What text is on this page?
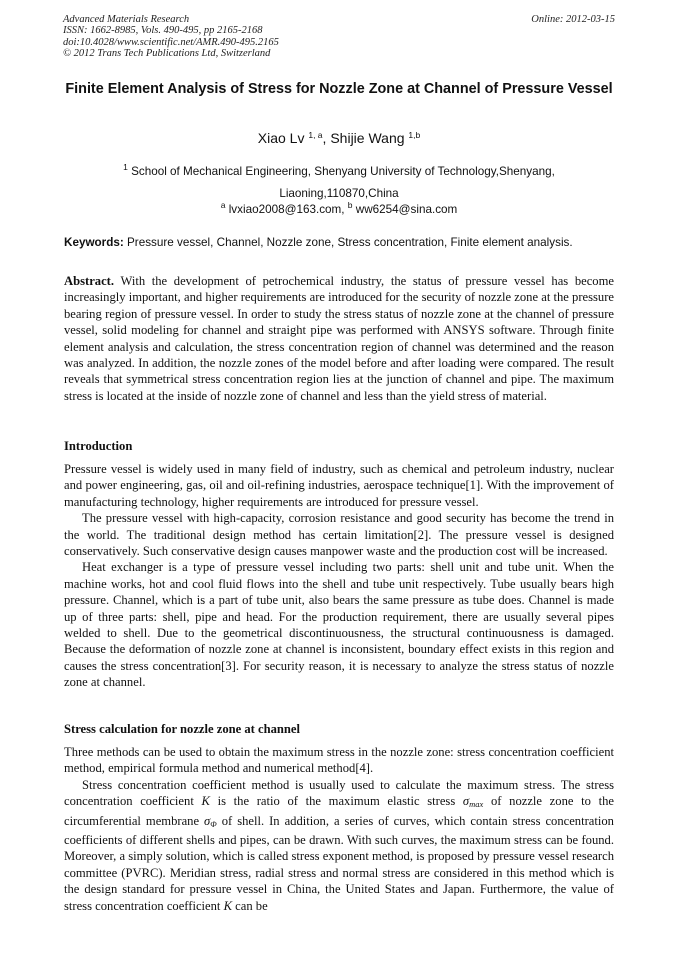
Advanced Materials Research
ISSN: 1662-8985, Vols. 490-495, pp 2165-2168
doi:10.4028/www.scientific.net/AMR.490-495.2165
© 2012 Trans Tech Publications Ltd, Switzerland
Online: 2012-03-15
Finite Element Analysis of Stress for Nozzle Zone at Channel of Pressure Vessel
Xiao Lv $^{1, a}$, Shijie Wang $^{1,b}$
$^1$ School of Mechanical Engineering, Shenyang University of Technology,Shenyang, Liaoning,110870,China
$^a$ lvxiao2008@163.com, $^b$ ww6254@sina.com
Keywords: Pressure vessel, Channel, Nozzle zone, Stress concentration, Finite element analysis.

Abstract. With the development of petrochemical industry, the status of pressure vessel has become increasingly important, and higher requirements are introduced for the security of nozzle zone at the pressure bearing region of pressure vessel. In order to study the stress status of nozzle zone at the channel of pressure vessel, solid modeling for channel and straight pipe was performed with ANSYS software. Through finite element analysis and calculation, the stress concentration region of channel was determined and the reason was analyzed. In addition, the nozzle zones of the model before and after loading were compared. The result reveals that symmetrical stress concentration region lies at the junction of channel and pipe. The maximum stress is located at the inside of nozzle zone of channel and less than the yield stress of material.

Introduction

Pressure vessel is widely used in many field of industry, such as chemical and petroleum industry, nuclear and power engineering, gas, oil and oil-refining industries, aerospace technique[1]. With the improvement of manufacturing technology, higher requirements are introduced for pressure vessel.

The pressure vessel with high-capacity, corrosion resistance and good security has become the trend in the world. The traditional design method has certain limitation[2]. The pressure vessel is designed conservatively. Such conservative design causes manpower waste and the production cost will be increased.

Heat exchanger is a type of pressure vessel including two parts: shell unit and tube unit. When the machine works, hot and cool fluid flows into the shell and tube unit respectively. Tube usually bears high pressure. Channel, which is a part of tube unit, also bears the same pressure as tube does. Channel is made up of three parts: shell, pipe and head. For the production requirement, there are usually several pipes welded to shell. Due to the geometrical discontinuousness, the structural continuousness is damaged. Because the deformation of nozzle zone at channel is inconsistent, boundary effect exists in this region and causes the stress concentration[3]. For security reason, it is necessary to analyze the stress status of nozzle zone at channel.

Stress calculation for nozzle zone at channel

Three methods can be used to obtain the maximum stress in the nozzle zone: stress concentration coefficient method, empirical formula method and numerical method[4].

Stress concentration coefficient method is usually used to calculate the maximum stress. The stress concentration coefficient K is the ratio of the maximum elastic stress $\sigma_{max}$ of nozzle zone to the circumferential membrane $\sigma_\Phi$ of shell. In addition, a series of curves, which contain stress concentration coefficients of different shells and pipes, can be drawn. With such curves, the maximum stress can be found. Moreover, a simply solution, which is called stress exponent method, is proposed by pressure vessel research committee (PVRC). Meridian stress, radial stress and normal stress are considered in this method which is the design standard for pressure vessel in China, the United States and Japan. Furthermore, the value of stress concentration coefficient K can be
